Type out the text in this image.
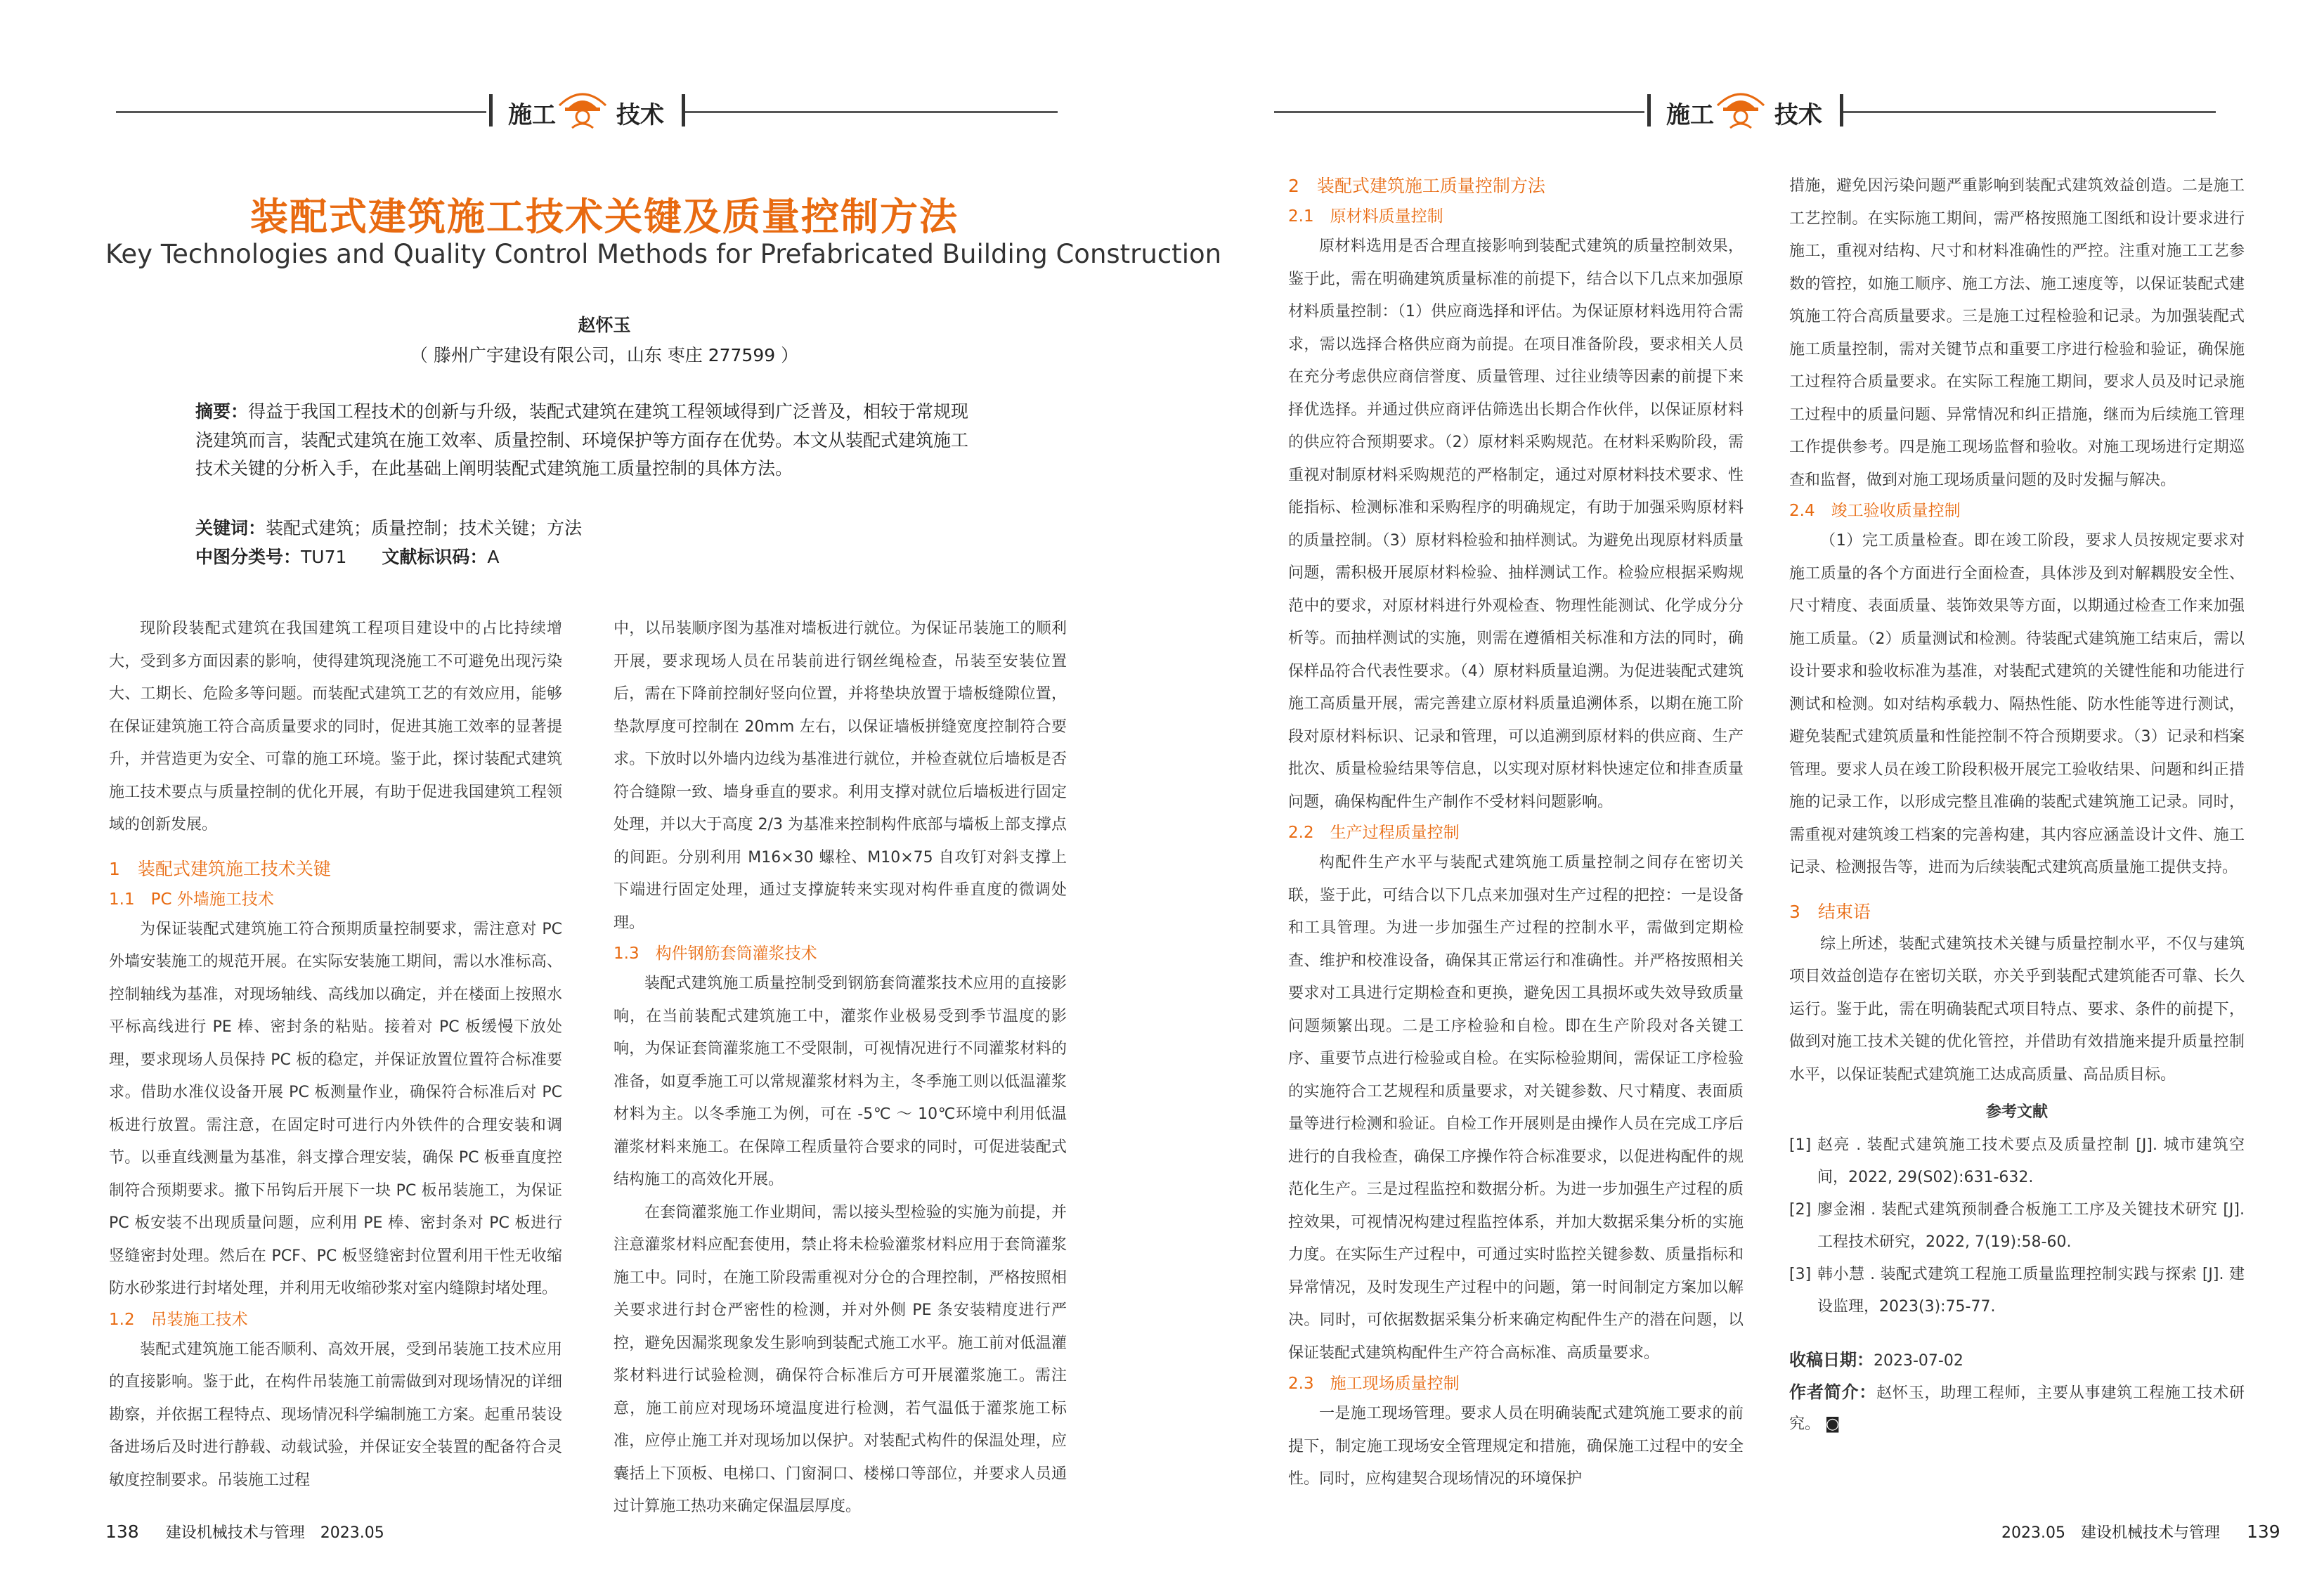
施工	技术
装配式建筑施工技术关键及质量控制方法
Key Technologies and Quality Control Methods for Prefabricated Building Construction
赵怀玉
（ 滕州广宇建设有限公司，山东 枣庄 277599 ）
摘要：得益于我国工程技术的创新与升级，装配式建筑在建筑工程领域得到广泛普及，相较于常规现浇建筑而言，装配式建筑在施工效率、质量控制、环境保护等方面存在优势。本文从装配式建筑施工技术关键的分析入手，在此基础上阐明装配式建筑施工质量控制的具体方法。
关键词：装配式建筑；质量控制；技术关键；方法
中图分类号：TU71 文献标识码：A

现阶段装配式建筑在我国建筑工程项目建设中的占比持续增大，受到多方面因素的影响，使得建筑现浇施工不可避免出现污染大、工期长、危险多等问题。而装配式建筑工艺的有效应用，能够在保证建筑施工符合高质量要求的同时，促进其施工效率的显著提升，并营造更为安全、可靠的施工环境。鉴于此，探讨装配式建筑施工技术要点与质量控制的优化开展，有助于促进我国建筑工程领域的创新发展。

1　装配式建筑施工技术关键
1.1　PC 外墙施工技术

为保证装配式建筑施工符合预期质量控制要求，需注意对 PC 外墙安装施工的规范开展。在实际安装施工期间，需以水准标高、控制轴线为基准，对现场轴线、高线加以确定，并在楼面上按照水平标高线进行 PE 棒、密封条的粘贴。接着对 PC 板缓慢下放处理，要求现场人员保持 PC 板的稳定，并保证放置位置符合标准要求。借助水准仪设备开展 PC 板测量作业，确保符合标准后对 PC 板进行放置。需注意，在固定时可进行内外铁件的合理安装和调节。以垂直线测量为基准，斜支撑合理安装，确保 PC 板垂直度控制符合预期要求。撤下吊钩后开展下一块 PC 板吊装施工，为保证 PC 板安装不出现质量问题，应利用 PE 棒、密封条对 PC 板进行竖缝密封处理。然后在 PCF、PC 板竖缝密封位置利用干性无收缩防水砂浆进行封堵处理，并利用无收缩砂浆对室内缝隙封堵处理。

1.2　吊装施工技术

装配式建筑施工能否顺利、高效开展，受到吊装施工技术应用的直接影响。鉴于此，在构件吊装施工前需做到对现场情况的详细勘察，并依据工程特点、现场情况科学编制施工方案。起重吊装设备进场后及时进行静载、动载试验，并保证安全装置的配备符合灵敏度控制要求。吊装施工过程

中，以吊装顺序图为基准对墙板进行就位。为保证吊装施工的顺利开展，要求现场人员在吊装前进行钢丝绳检查，吊装至安装位置后，需在下降前控制好竖向位置，并将垫块放置于墙板缝隙位置，垫款厚度可控制在 20mm 左右，以保证墙板拼缝宽度控制符合要求。下放时以外墙内边线为基准进行就位，并检查就位后墙板是否符合缝隙一致、墙身垂直的要求。利用支撑对就位后墙板进行固定处理，并以大于高度 2/3 为基准来控制构件底部与墙板上部支撑点的间距。分别利用 M16×30 螺栓、M10×75 自攻钉对斜支撑上下端进行固定处理，通过支撑旋转来实现对构件垂直度的微调处理。

1.3　构件钢筋套筒灌浆技术

装配式建筑施工质量控制受到钢筋套筒灌浆技术应用的直接影响，在当前装配式建筑施工中，灌浆作业极易受到季节温度的影响，为保证套筒灌浆施工不受限制，可视情况进行不同灌浆材料的准备，如夏季施工可以常规灌浆材料为主，冬季施工则以低温灌浆材料为主。以冬季施工为例，可在 -5℃ ～ 10℃环境中利用低温灌浆材料来施工。在保障工程质量符合要求的同时，可促进装配式结构施工的高效化开展。

在套筒灌浆施工作业期间，需以接头型检验的实施为前提，并注意灌浆材料应配套使用，禁止将未检验灌浆材料应用于套筒灌浆施工中。同时，在施工阶段需重视对分仓的合理控制，严格按照相关要求进行封仓严密性的检测，并对外侧 PE 条安装精度进行严控，避免因漏浆现象发生影响到装配式施工水平。施工前对低温灌浆材料进行试验检测，确保符合标准后方可开展灌浆施工。需注意，施工前应对现场环境温度进行检测，若气温低于灌浆施工标准，应停止施工并对现场加以保护。对装配式构件的保温处理，应囊括上下顶板、电梯口、门窗洞口、楼梯口等部位，并要求人员通过计算施工热功来确定保温层厚度。

138 建设机械技术与管理　2023.05
施工	技术
2　装配式建筑施工质量控制方法
2.1　原材料质量控制

原材料选用是否合理直接影响到装配式建筑的质量控制效果，鉴于此，需在明确建筑质量标准的前提下，结合以下几点来加强原材料质量控制：（1）供应商选择和评估。为保证原材料选用符合需求，需以选择合格供应商为前提。在项目准备阶段，要求相关人员在充分考虑供应商信誉度、质量管理、过往业绩等因素的前提下来择优选择。并通过供应商评估筛选出长期合作伙伴，以保证原材料的供应符合预期要求。（2）原材料采购规范。在材料采购阶段，需重视对制原材料采购规范的严格制定，通过对原材料技术要求、性能指标、检测标准和采购程序的明确规定，有助于加强采购原材料的质量控制。（3）原材料检验和抽样测试。为避免出现原材料质量问题，需积极开展原材料检验、抽样测试工作。检验应根据采购规范中的要求，对原材料进行外观检查、物理性能测试、化学成分分析等。而抽样测试的实施，则需在遵循相关标准和方法的同时，确保样品符合代表性要求。（4）原材料质量追溯。为促进装配式建筑施工高质量开展，需完善建立原材料质量追溯体系，以期在施工阶段对原材料标识、记录和管理，可以追溯到原材料的供应商、生产批次、质量检验结果等信息，以实现对原材料快速定位和排查质量问题，确保构配件生产制作不受材料问题影响。

2.2　生产过程质量控制

构配件生产水平与装配式建筑施工质量控制之间存在密切关联，鉴于此，可结合以下几点来加强对生产过程的把控：一是设备和工具管理。为进一步加强生产过程的控制水平，需做到定期检查、维护和校准设备，确保其正常运行和准确性。并严格按照相关要求对工具进行定期检查和更换，避免因工具损坏或失效导致质量问题频繁出现。二是工序检验和自检。即在生产阶段对各关键工序、重要节点进行检验或自检。在实际检验期间，需保证工序检验的实施符合工艺规程和质量要求，对关键参数、尺寸精度、表面质量等进行检测和验证。自检工作开展则是由操作人员在完成工序后进行的自我检查，确保工序操作符合标准要求，以促进构配件的规范化生产。三是过程监控和数据分析。为进一步加强生产过程的质控效果，可视情况构建过程监控体系，并加大数据采集分析的实施力度。在实际生产过程中，可通过实时监控关键参数、质量指标和异常情况，及时发现生产过程中的问题，第一时间制定方案加以解决。同时，可依据数据采集分析来确定构配件生产的潜在问题，以保证装配式建筑构配件生产符合高标准、高质量要求。

2.3　施工现场质量控制

一是施工现场管理。要求人员在明确装配式建筑施工要求的前提下，制定施工现场安全管理规定和措施，确保施工过程中的安全性。同时，应构建契合现场情况的环境保护

措施，避免因污染问题严重影响到装配式建筑效益创造。二是施工工艺控制。在实际施工期间，需严格按照施工图纸和设计要求进行施工，重视对结构、尺寸和材料准确性的严控。注重对施工工艺参数的管控，如施工顺序、施工方法、施工速度等，以保证装配式建筑施工符合高质量要求。三是施工过程检验和记录。为加强装配式施工质量控制，需对关键节点和重要工序进行检验和验证，确保施工过程符合质量要求。在实际工程施工期间，要求人员及时记录施工过程中的质量问题、异常情况和纠正措施，继而为后续施工管理工作提供参考。四是施工现场监督和验收。对施工现场进行定期巡查和监督，做到对施工现场质量问题的及时发掘与解决。

2.4　竣工验收质量控制

（1）完工质量检查。即在竣工阶段，要求人员按规定要求对施工质量的各个方面进行全面检查，具体涉及到对解耦股安全性、尺寸精度、表面质量、装饰效果等方面，以期通过检查工作来加强施工质量。（2）质量测试和检测。待装配式建筑施工结束后，需以设计要求和验收标准为基准，对装配式建筑的关键性能和功能进行测试和检测。如对结构承载力、隔热性能、防水性能等进行测试，避免装配式建筑质量和性能控制不符合预期要求。（3）记录和档案管理。要求人员在竣工阶段积极开展完工验收结果、问题和纠正措施的记录工作，以形成完整且准确的装配式建筑施工记录。同时，需重视对建筑竣工档案的完善构建，其内容应涵盖设计文件、施工记录、检测报告等，进而为后续装配式建筑高质量施工提供支持。

3　结束语

综上所述，装配式建筑技术关键与质量控制水平，不仅与建筑项目效益创造存在密切关联，亦关乎到装配式建筑能否可靠、长久运行。鉴于此，需在明确装配式项目特点、要求、条件的前提下，做到对施工技术关键的优化管控，并借助有效措施来提升质量控制水平，以保证装配式建筑施工达成高质量、高品质目标。

参考文献
[1] 赵亮 . 装配式建筑施工技术要点及质量控制 [J]. 城市建筑空间，2022, 29(S02):631-632.
[2] 廖金湘 . 装配式建筑预制叠合板施工工序及关键技术研究 [J]. 工程技术研究，2022, 7(19):58-60.
[3] 韩小慧 . 装配式建筑工程施工质量监理控制实践与探索 [J]. 建设监理，2023(3):75-77.
收稿日期：2023-07-02
作者简介：赵怀玉，助理工程师，主要从事建筑工程施工技术研究。 ◙
2023.05　建设机械技术与管理 139
